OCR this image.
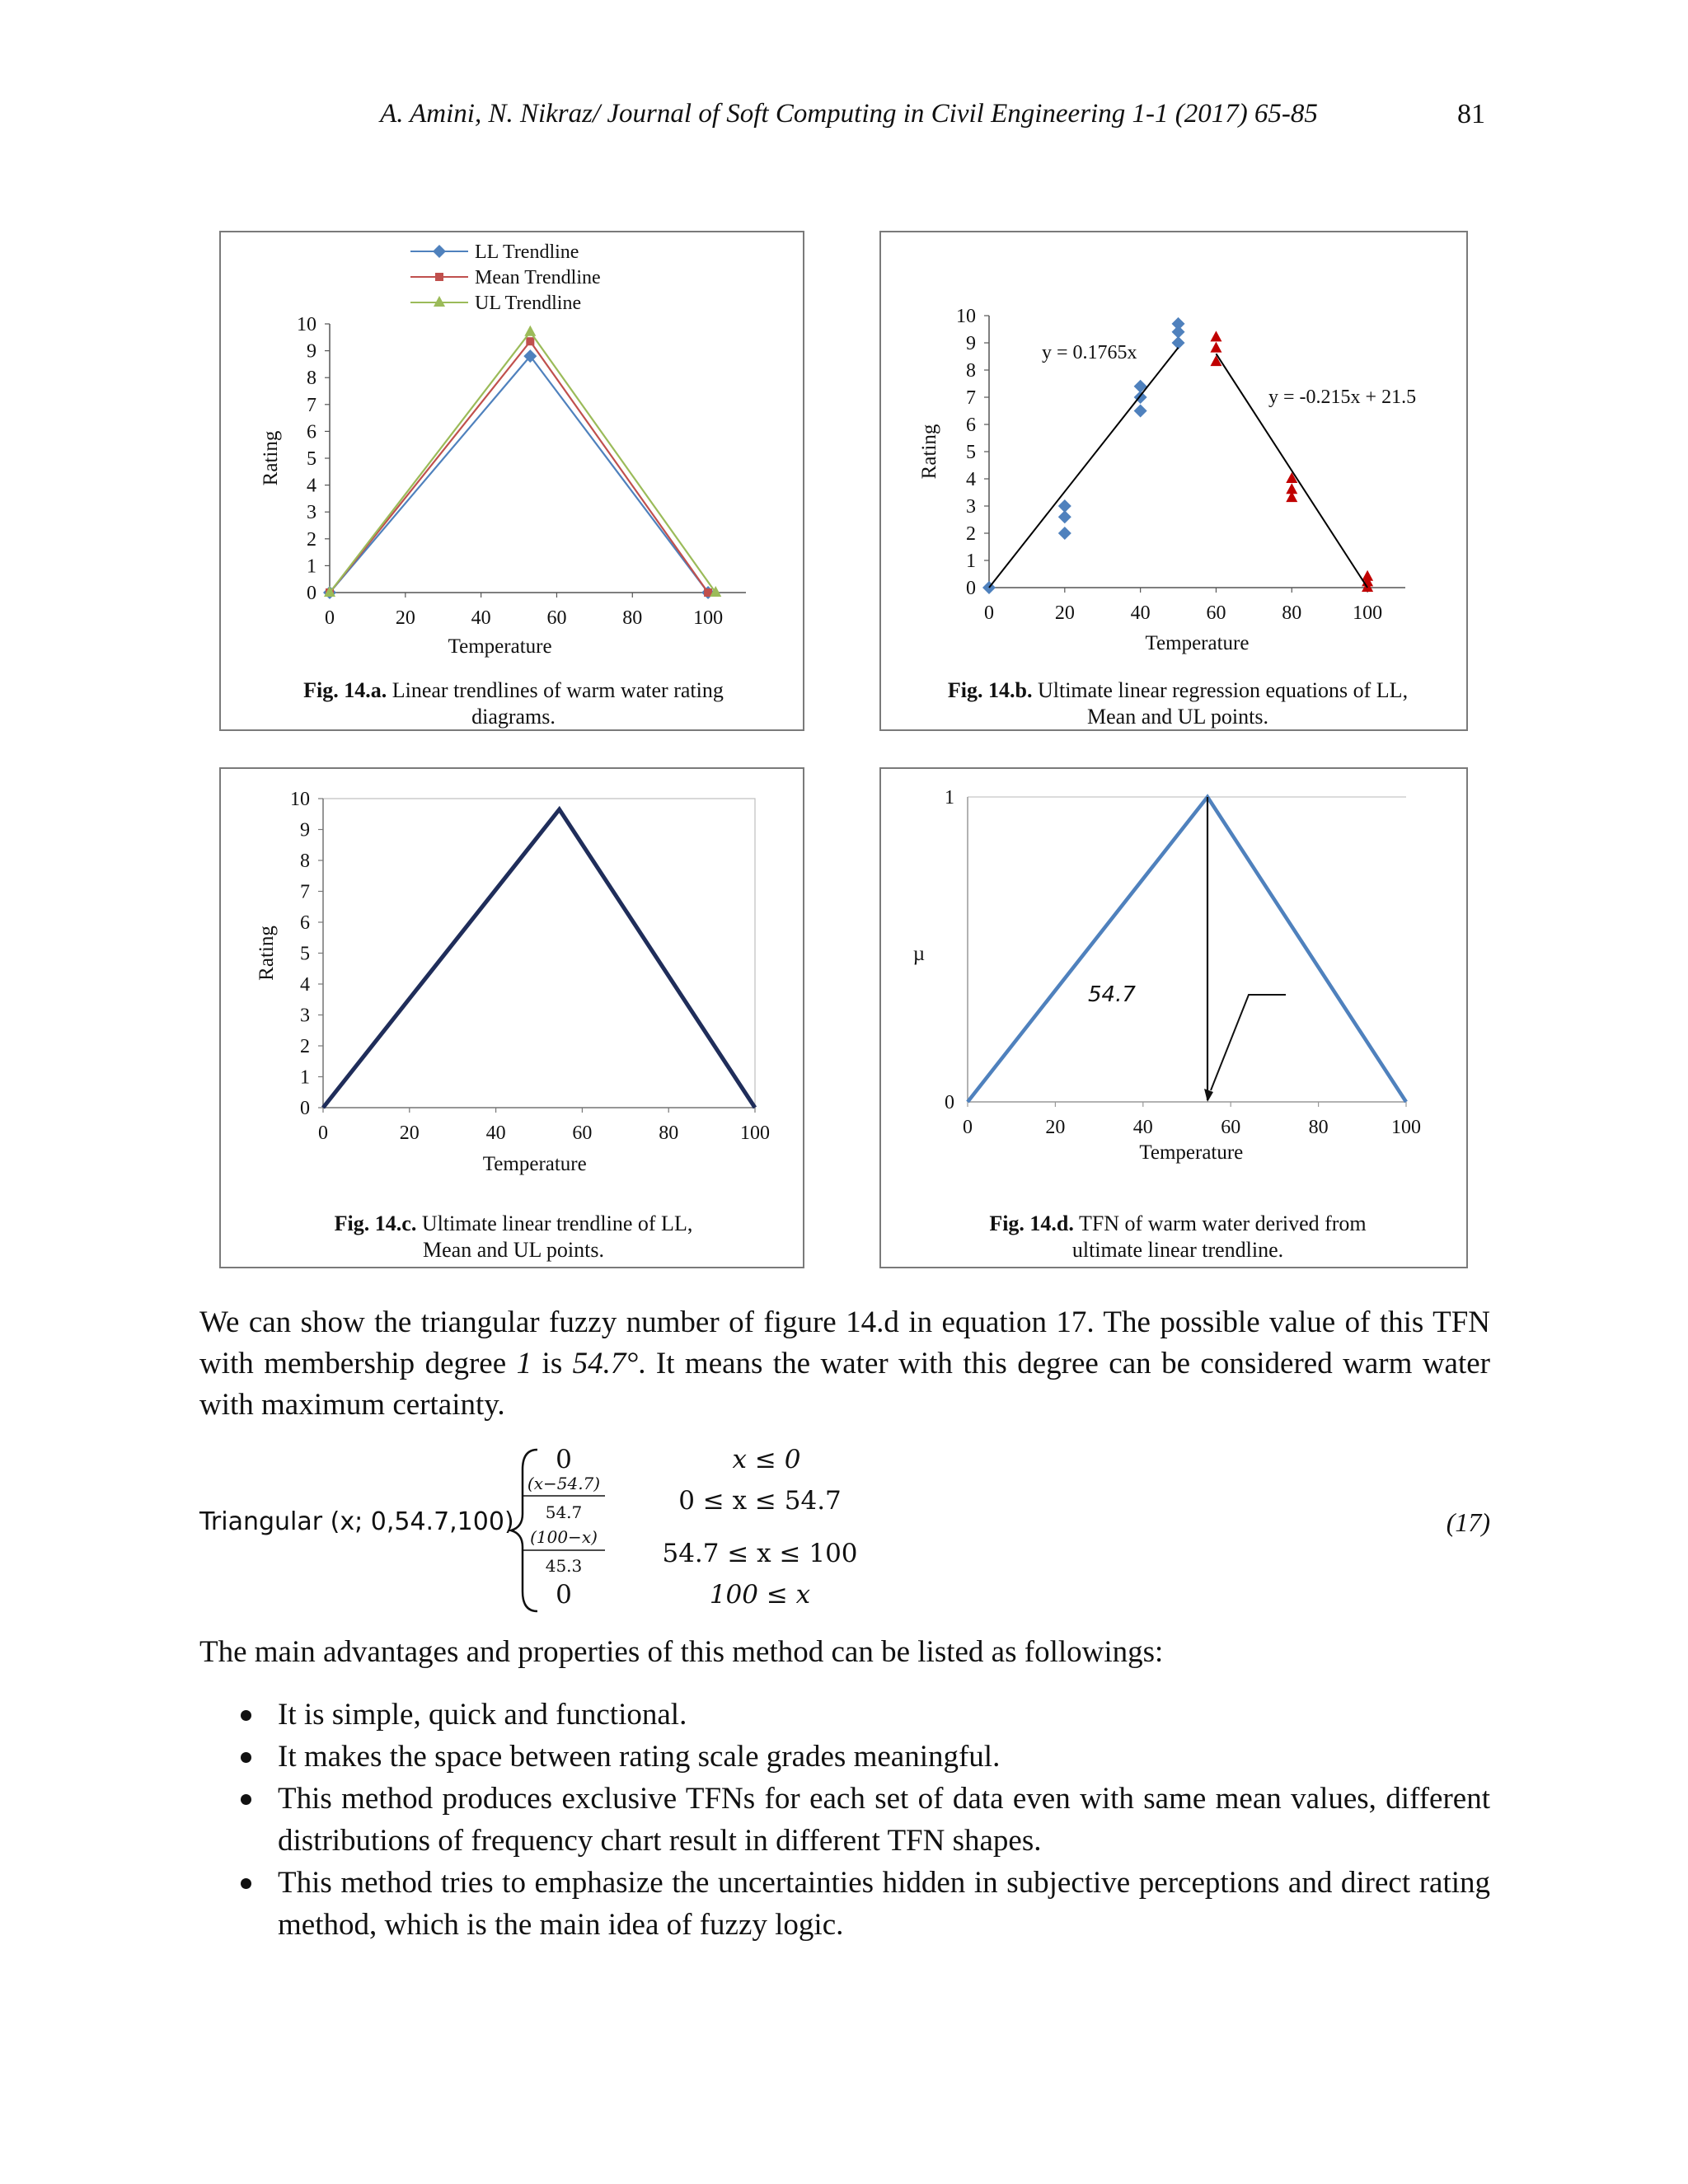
A. Amini, N. Nikraz/ Journal of Soft Computing in Civil Engineering 1-1 (2017) 65-85	81
0	20	40	60	80	100
0
1
2
3
4
5
6
7
8
9
10
Temperature
Rating
LL Trendline
Mean Trendline
UL Trendline
Fig. 14.a. Linear trendlines of warm water rating diagrams.
0	20	40	60	80	100
0
1
2
3
4
5
6
7
8
9
10
Temperature
Rating
y = 0.1765x
y = -0.215x + 21.5
Fig. 14.b. Ultimate linear regression equations of LL, Mean and UL points.
0	20	40	60	80	100
0
1
2
3
4
5
6
7
8
9
10
Temperature
Rating
Fig. 14.c. Ultimate linear trendline of LL, Mean and UL points.
0	20	40	60	80	100
0
1
Temperature
µ
54.7
Fig. 14.d. TFN of warm water derived from ultimate linear trendline.
We can show the triangular fuzzy number of figure 14.d in equation 17. The possible value of this TFN with membership degree 1 is 54.7°. It means the water with this degree can be considered warm water with maximum certainty.
Triangular (x; 0,54.7,100)
0	x ≤ 0
(x−54.7)
54.7	0 ≤ x ≤ 54.7
(100−x)
45.3	54.7 ≤ x ≤ 100
0	100 ≤ x
(17)
The main advantages and properties of this method can be listed as followings:
It is simple, quick and functional.
It makes the space between rating scale grades meaningful.
This method produces exclusive TFNs for each set of data even with same mean values, different distributions of frequency chart result in different TFN shapes.
This method tries to emphasize the uncertainties hidden in subjective perceptions and direct rating method, which is the main idea of fuzzy logic.
